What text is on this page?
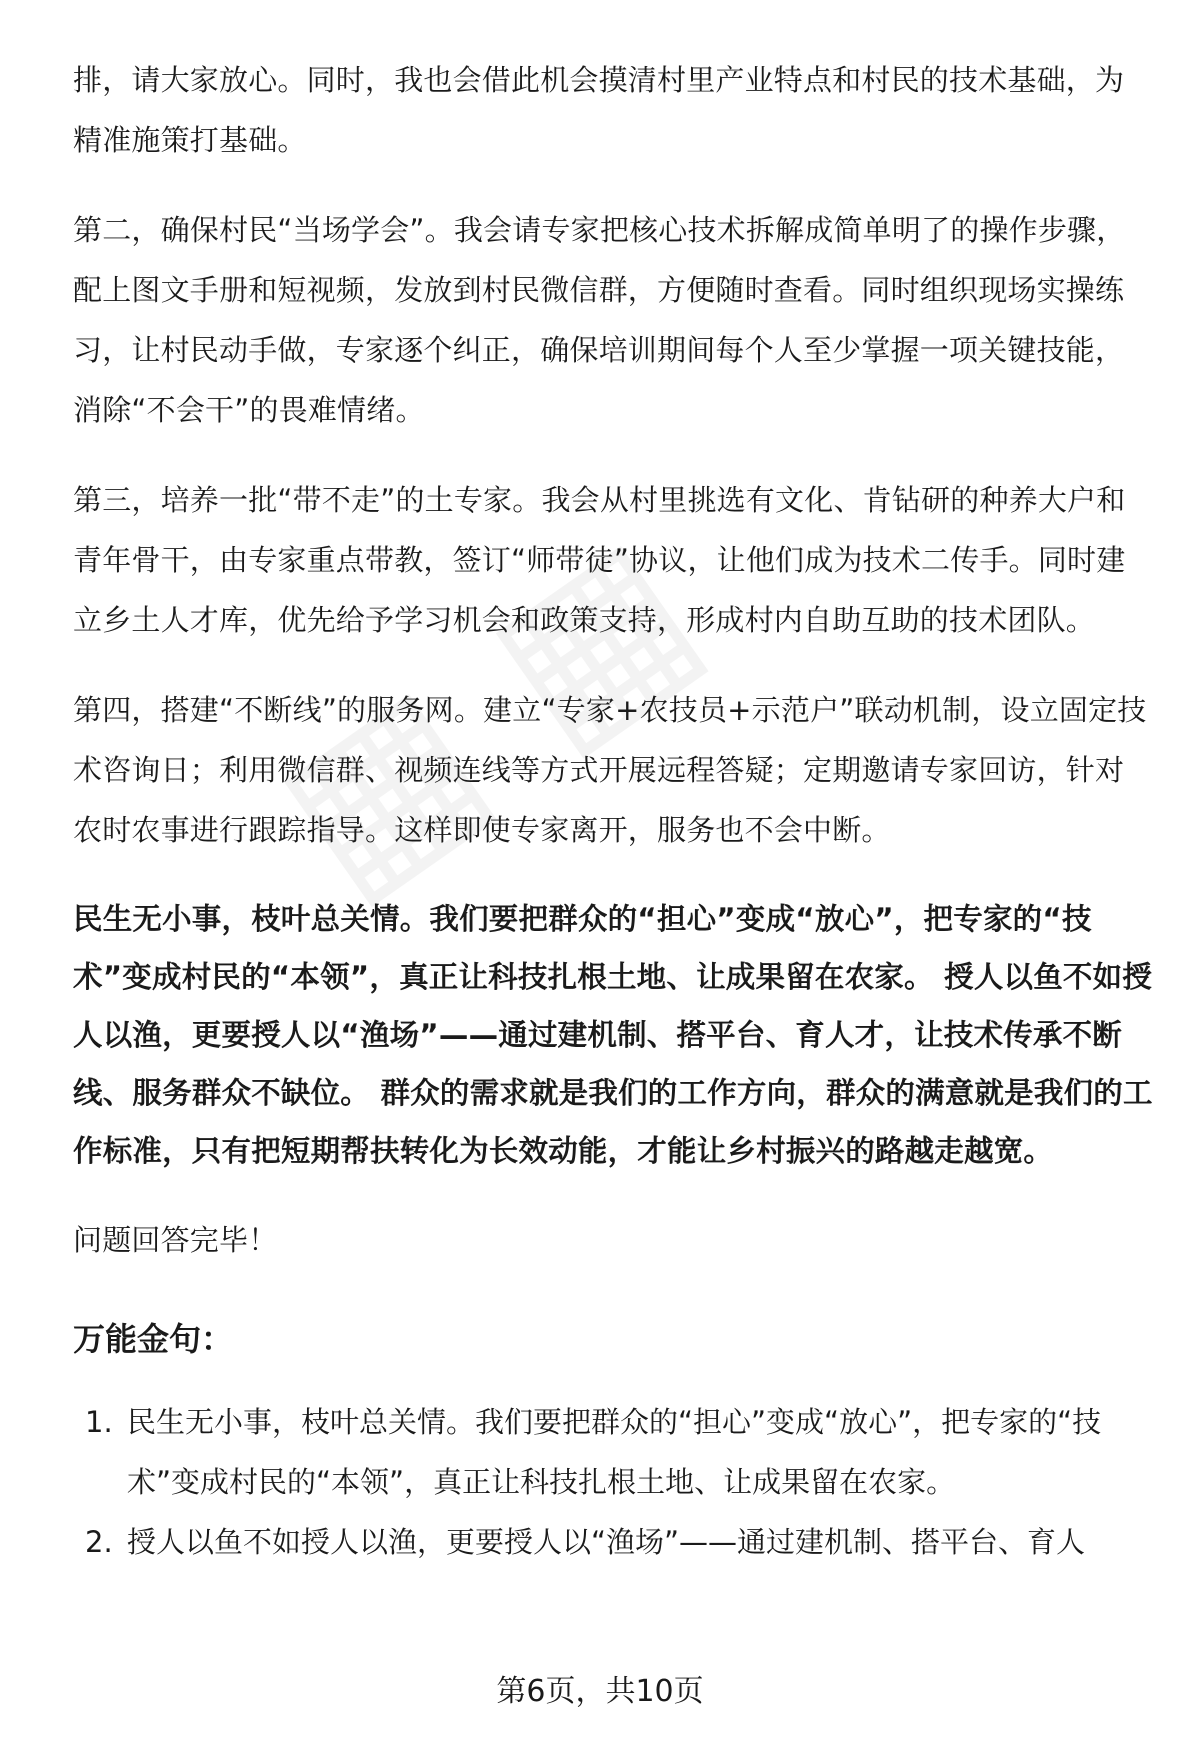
排，请大家放心。同时，我也会借此机会摸清村里产业特点和村民的技术基础，为精准施策打基础。

第二，确保村民“当场学会”。我会请专家把核心技术拆解成简单明了的操作步骤，配上图文手册和短视频，发放到村民微信群，方便随时查看。同时组织现场实操练习，让村民动手做，专家逐个纠正，确保培训期间每个人至少掌握一项关键技能，消除“不会干”的畏难情绪。

第三，培养一批“带不走”的土专家。我会从村里挑选有文化、肯钻研的种养大户和青年骨干，由专家重点带教，签订“师带徒”协议，让他们成为技术二传手。同时建立乡土人才库，优先给予学习机会和政策支持，形成村内自助互助的技术团队。

第四，搭建“不断线”的服务网。建立“专家+农技员+示范户”联动机制，设立固定技术咨询日；利用微信群、视频连线等方式开展远程答疑；定期邀请专家回访，针对农时农事进行跟踪指导。这样即使专家离开，服务也不会中断。

民生无小事，枝叶总关情。我们要把群众的“担心”变成“放心”，把专家的“技术”变成村民的“本领”，真正让科技扎根土地、让成果留在农家。 授人以鱼不如授人以渔，更要授人以“渔场”——通过建机制、搭平台、育人才，让技术传承不断线、服务群众不缺位。 群众的需求就是我们的工作方向，群众的满意就是我们的工作标准，只有把短期帮扶转化为长效动能，才能让乡村振兴的路越走越宽。

问题回答完毕！

万能金句：
1. 民生无小事，枝叶总关情。我们要把群众的“担心”变成“放心”，把专家的“技术”变成村民的“本领”，真正让科技扎根土地、让成果留在农家。
2. 授人以鱼不如授人以渔，更要授人以“渔场”——通过建机制、搭平台、育人
第6页，共10页
